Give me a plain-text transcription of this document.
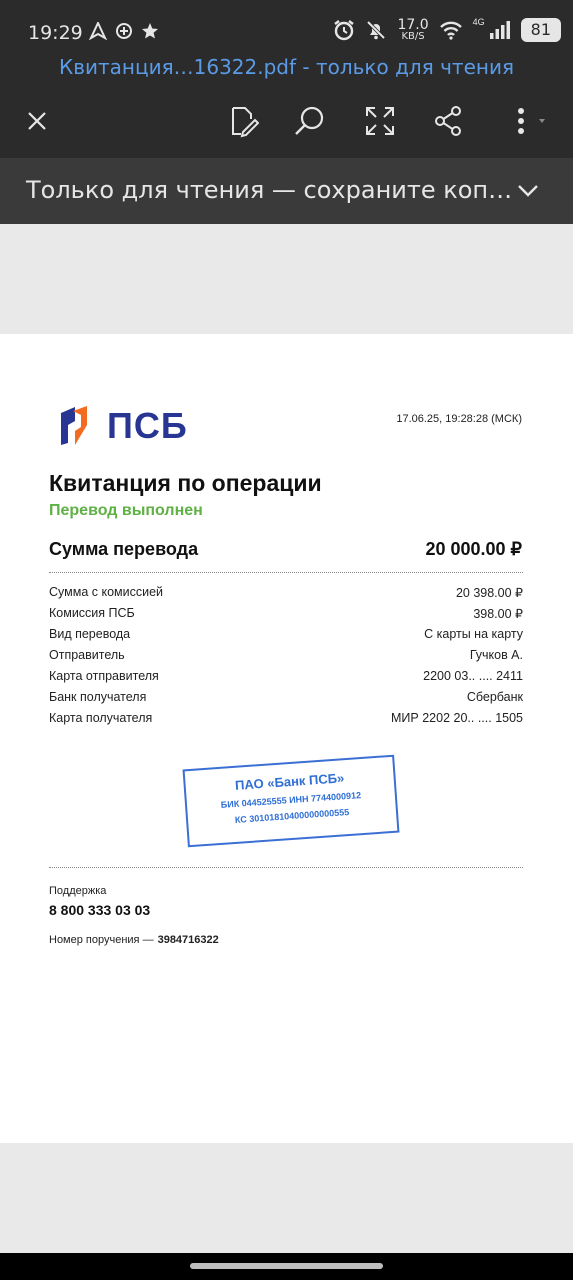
19:29	17.0
KB/S
4G	81
Квитанция…16322.pdf - только для чтения
Только для чтения — сохраните коп…
ПСБ	17.06.25, 19:28:28 (МСК)
Квитанция по операции
Перевод выполнен
Сумма перевода	20 000.00 ₽
Сумма с комиссией	20 398.00 ₽
Комиссия ПСБ	398.00 ₽
Вид перевода	С карты на карту
Отправитель	Гучков А.
Карта отправителя	2200 03.. .... 2411
Банк получателя	Сбербанк
Карта получателя	МИР 2202 20.. .... 1505
ПАО «Банк ПСБ»
БИК 044525555 ИНН 7744000912
КС 30101810400000000555
Поддержка
8 800 333 03 03
Номер поручения — 3984716322
